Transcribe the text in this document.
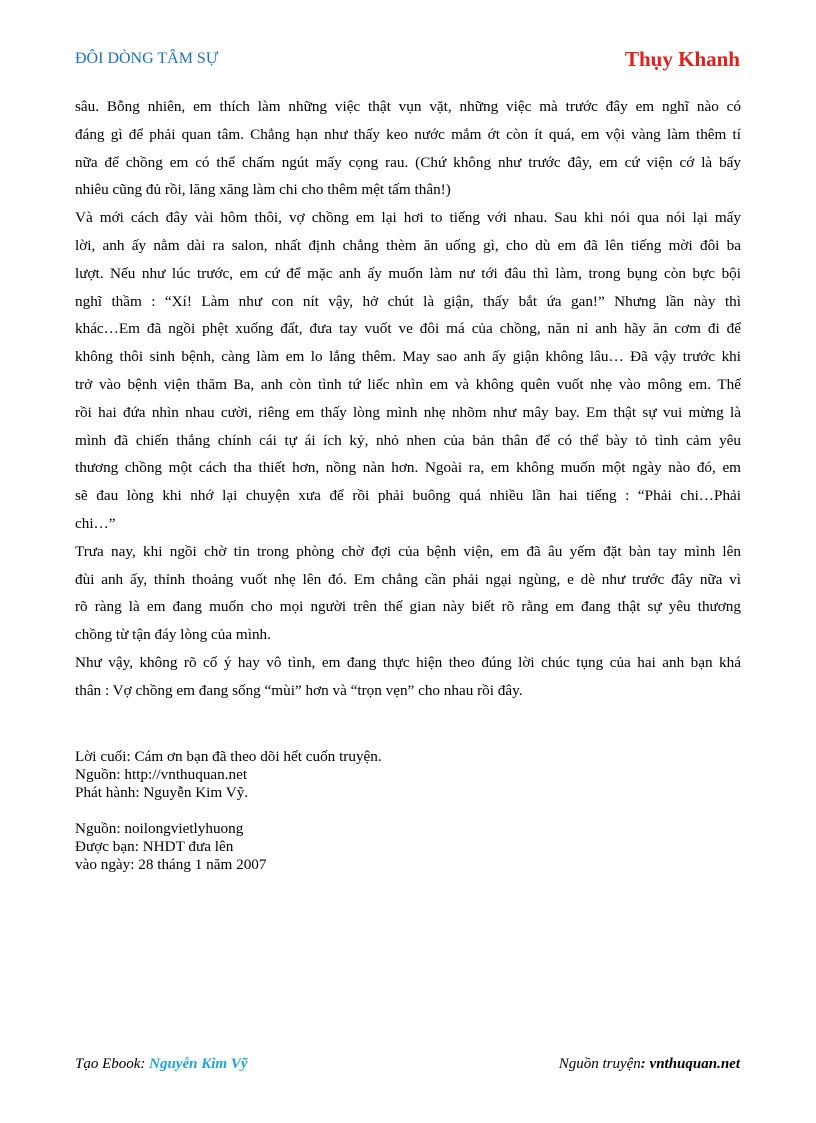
ĐÔI DÒNG TÂM SỰ	Thụy Khanh

sâu. Bỗng nhiên, em thích làm những việc thật vụn vặt, những việc mà trước đây em nghĩ nào có
đáng gì để phải quan tâm. Chẳng hạn như thấy keo nước mắm ớt còn ít quá, em vội vàng làm thêm tí
nữa để chồng em có thể chấm ngút mấy cọng rau. (Chứ không như trước đây, em cứ viện cớ là bấy
nhiêu cũng đủ rồi, lăng xăng làm chi cho thêm mệt tấm thân!)

Và mới cách đây vài hôm thôi, vợ chồng em lại hơi to tiếng với nhau. Sau khi nói qua nói lại mấy
lời, anh ấy nằm dài ra salon, nhất định chẳng thèm ăn uống gì, cho dù em đã lên tiếng mời đôi ba
lượt. Nếu như lúc trước, em cứ để mặc anh ấy muốn làm nư tới đâu thì làm, trong bụng còn bực bội
nghĩ thầm : “Xí! Làm như con nít vậy, hở chút là giận, thấy bắt ứa gan!” Nhưng lần này thì
khác…Em đã ngồi phệt xuống đất, đưa tay vuốt ve đôi má của chồng, năn nỉ anh hãy ăn cơm đi để
không thôi sinh bệnh, càng làm em lo lắng thêm. May sao anh ấy giận không lâu… Đã vậy trước khi
trở vào bệnh viện thăm Ba, anh còn tình tứ liếc nhìn em và không quên vuốt nhẹ vào mông em. Thế
rồi hai đứa nhìn nhau cười, riêng em thấy lòng mình nhẹ nhõm như mây bay. Em thật sự vui mừng là
mình đã chiến thắng chính cái tự ái ích kỷ, nhỏ nhen của bản thân để có thể bày tỏ tình cảm yêu
thương chồng một cách tha thiết hơn, nồng nàn hơn. Ngoài ra, em không muốn một ngày nào đó, em
sẽ đau lòng khi nhớ lại chuyện xưa để rồi phải buông quá nhiều lần hai tiếng : “Phải chi…Phải
chi…”

Trưa nay, khi ngồi chờ tin trong phòng chờ đợi của bệnh viện, em đã âu yếm đặt bàn tay mình lên
đùi anh ấy, thỉnh thoảng vuốt nhẹ lên đó. Em chẳng cần phải ngại ngùng, e dè như trước đây nữa vì
rõ ràng là em đang muốn cho mọi người trên thế gian này biết rõ rằng em đang thật sự yêu thương
chồng từ tận đáy lòng của mình.

Như vậy, không rõ cố ý hay vô tình, em đang thực hiện theo đúng lời chúc tụng của hai anh bạn khá
thân : Vợ chồng em đang sống “mùi” hơn và “trọn vẹn” cho nhau rồi đây.

Lời cuối: Cám ơn bạn đã theo dõi hết cuốn truyện.
Nguồn: http://vnthuquan.net
Phát hành: Nguyễn Kim Vỹ.
Nguồn: noilongvietlyhuong
Được bạn: NHDT đưa lên
vào ngày: 28 tháng 1 năm 2007
Tạo Ebook: Nguyễn Kim Vỹ	Nguồn truyện: vnthuquan.net
